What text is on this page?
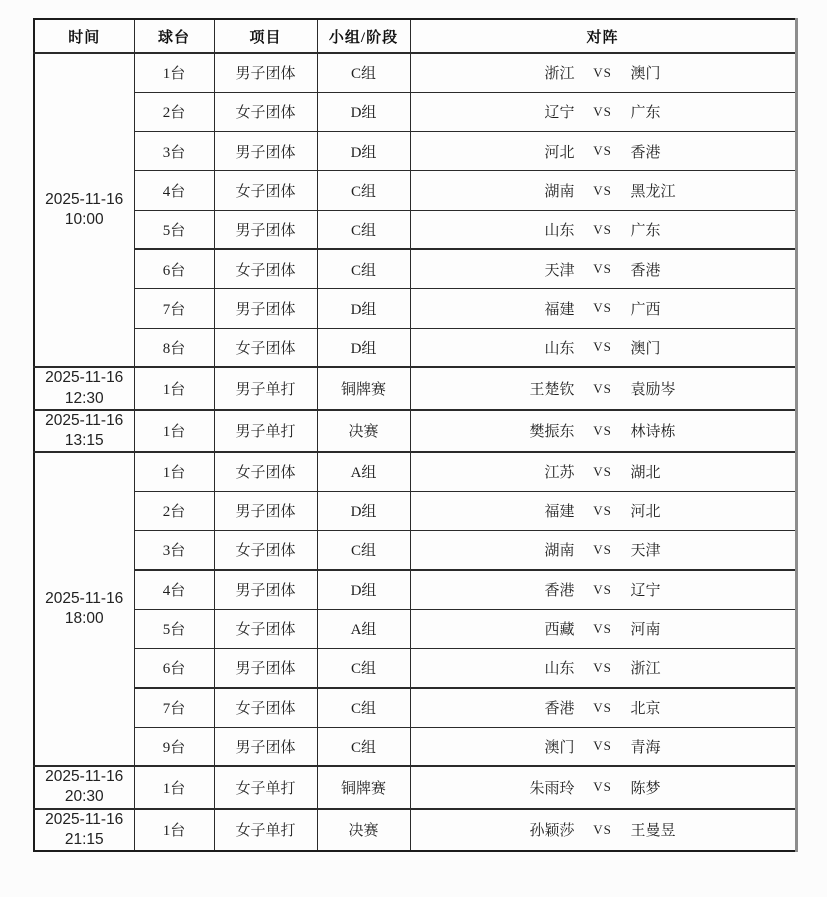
时间	球台	项目	小组/阶段	对阵

2025-11-16
10:00
	1台	男子团体	C组	浙江	VS	澳门

	2台	女子团体	D组	辽宁 VS 广东

	3台	男子团体	D组	河北 VS 香港

	4台	女子团体	C组	湖南 VS 黑龙江

	5台	男子团体	C组	山东 VS 广东

	6台	女子团体	C组	天津 VS 香港

	7台	男子团体	D组	福建 VS 广西

	8台	女子团体	D组	山东 VS 澳门

2025-11-16
12:30	1台	男子单打	铜牌赛	王楚钦	VS	袁励岑

2025-11-16
13:15	1台	男子单打	决赛	樊振东	VS	林诗栋

2025-11-16
18:00
	1台	女子团体	A组	江苏	VS	湖北

	2台	男子团体	D组	福建 VS 河北

	3台	女子团体	C组	湖南 VS 天津

	4台	男子团体	D组	香港 VS 辽宁

	5台	女子团体	A组	西藏 VS 河南

	6台	男子团体	C组	山东 VS 浙江

	7台	女子团体	C组	香港 VS 北京

	9台	男子团体	C组	澳门 VS 青海

2025-11-16
20:30	1台	女子单打	铜牌赛	朱雨玲	VS	陈梦

2025-11-16
21:15	1台	女子单打	决赛	孙颖莎	VS	王曼昱
